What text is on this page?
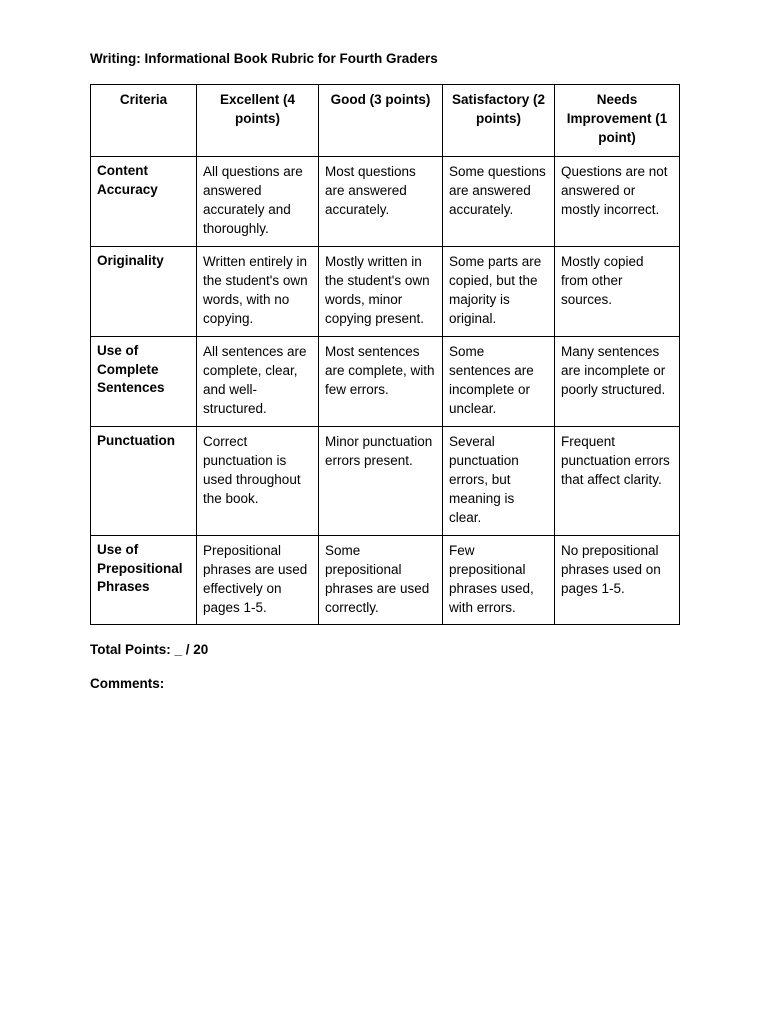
Writing: Informational Book Rubric for Fourth Graders
Criteria	Excellent (4 points)	Good (3 points)	Satisfactory (2 points)	Needs Improvement (1 point)
Content Accuracy	All questions are answered accurately and thoroughly.	Most questions are answered accurately.	Some questions are answered accurately.	Questions are not answered or mostly incorrect.
Originality	Written entirely in the student's own words, with no copying.	Mostly written in the student's own words, minor copying present.	Some parts are copied, but the majority is original.	Mostly copied from other sources.
Use of Complete Sentences	All sentences are complete, clear, and well-structured.	Most sentences are complete, with few errors.	Some sentences are incomplete or unclear.	Many sentences are incomplete or poorly structured.
Punctuation	Correct punctuation is used throughout the book.	Minor punctuation errors present.	Several punctuation errors, but meaning is clear.	Frequent punctuation errors that affect clarity.
Use of Prepositional Phrases	Prepositional phrases are used effectively on pages 1-5.	Some prepositional phrases are used correctly.	Few prepositional phrases used, with errors.	No prepositional phrases used on pages 1-5.
Total Points: _ / 20
Comments:
